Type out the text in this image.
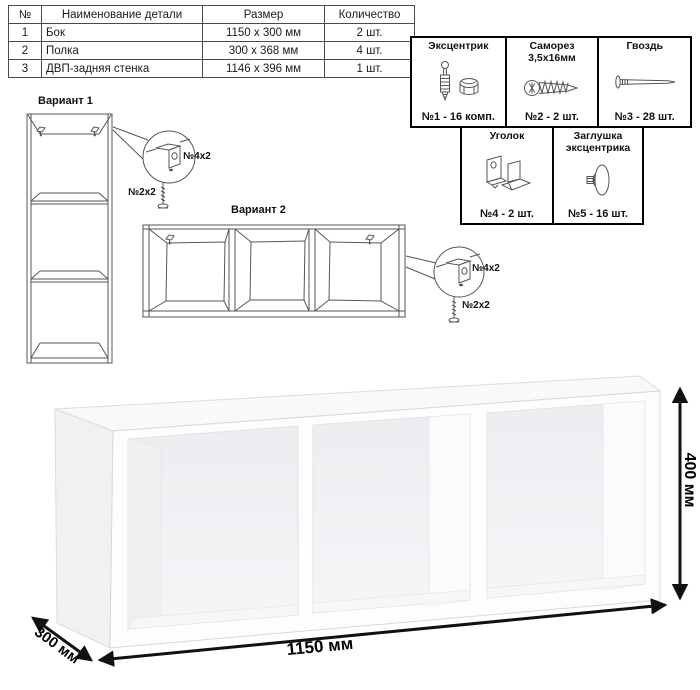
№	Наименование детали	Размер	Количество
1	Бок	1150 х 300 мм	2 шт.
2	Полка	300 х 368 мм	4 шт.
3	ДВП-задняя стенка	1146 х 396 мм	1 шт.
Эксцентрик
№1 - 16 комп.
Саморез
3,5х16мм
№2 - 2 шт.
Гвоздь
№3 - 28 шт.
Уголок
№4 - 2 шт.
Заглушка
эксцентрика
№5 - 16 шт.
Вариант 1
№4х2
№2х2
Вариант 2
№4х2
№2х2
1150 мм
300 мм
400 мм
